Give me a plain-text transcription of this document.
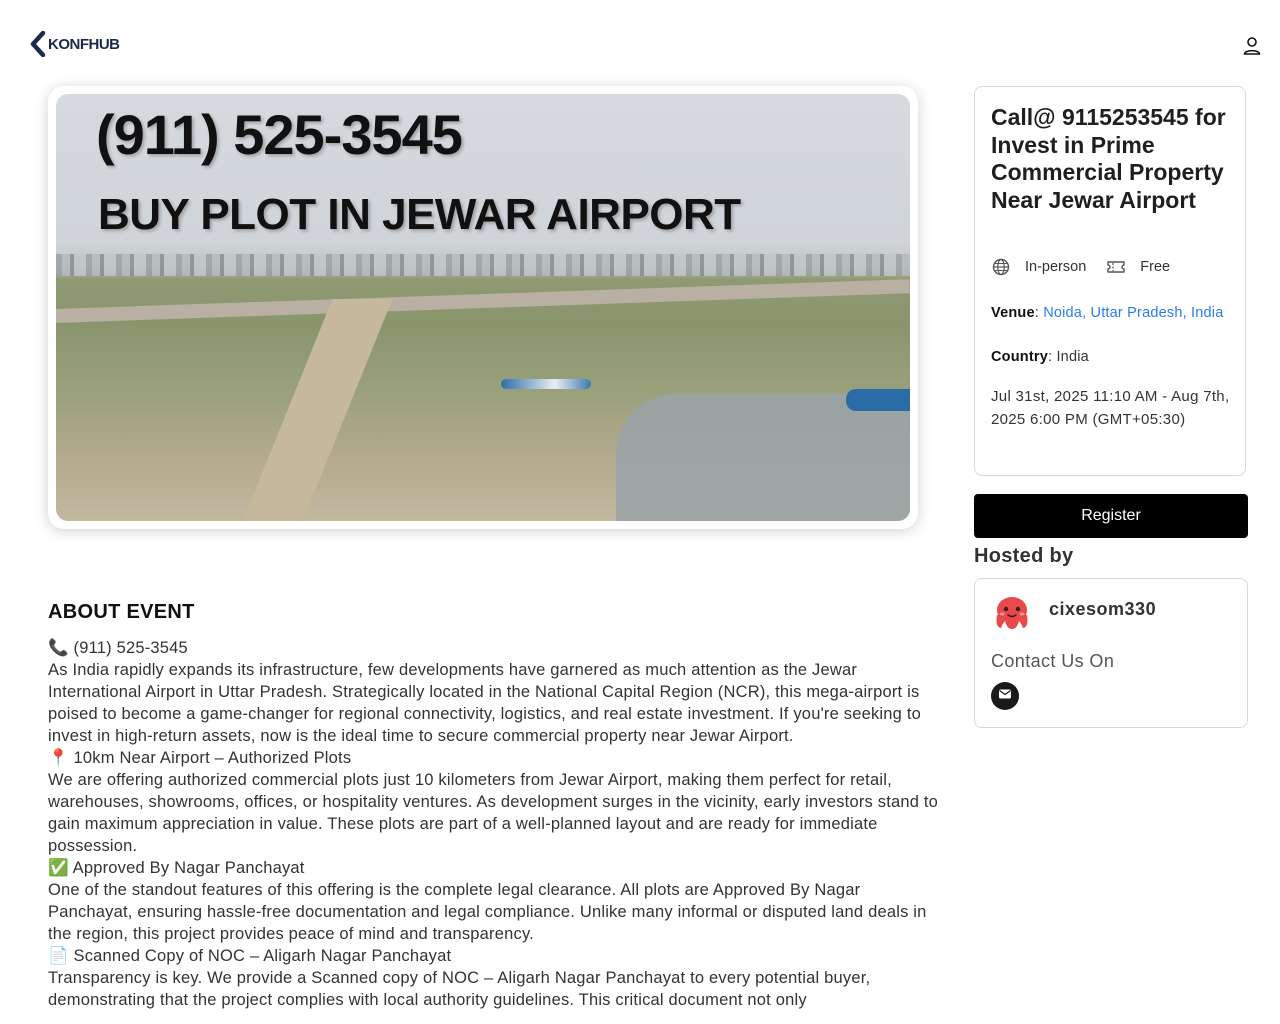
KONFHUB
(911) 525-3545
BUY PLOT IN JEWAR AIRPORT
ABOUT EVENT

📞 (911) 525-3545

As India rapidly expands its infrastructure, few developments have garnered as much attention as the Jewar International Airport in Uttar Pradesh. Strategically located in the National Capital Region (NCR), this mega-airport is poised to become a game-changer for regional connectivity, logistics, and real estate investment. If you're seeking to invest in high-return assets, now is the ideal time to secure commercial property near Jewar Airport.

📍 10km Near Airport – Authorized Plots

We are offering authorized commercial plots just 10 kilometers from Jewar Airport, making them perfect for retail, warehouses, showrooms, offices, or hospitality ventures. As development surges in the vicinity, early investors stand to gain maximum appreciation in value. These plots are part of a well-planned layout and are ready for immediate possession.

✅ Approved By Nagar Panchayat

One of the standout features of this offering is the complete legal clearance. All plots are Approved By Nagar Panchayat, ensuring hassle-free documentation and legal compliance. Unlike many informal or disputed land deals in the region, this project provides peace of mind and transparency.

📄 Scanned Copy of NOC – Aligarh Nagar Panchayat

Transparency is key. We provide a Scanned copy of NOC – Aligarh Nagar Panchayat to every potential buyer, demonstrating that the project complies with local authority guidelines. This critical document not only

Call@ 9115253545 for Invest in Prime Commercial Property Near Jewar Airport
In-person	Free
Venue: Noida, Uttar Pradesh, India
Country: India
Jul 31st, 2025 11:10 AM - Aug 7th, 2025 6:00 PM (GMT+05:30)
Register
Hosted by
cixesom330
Contact Us On
